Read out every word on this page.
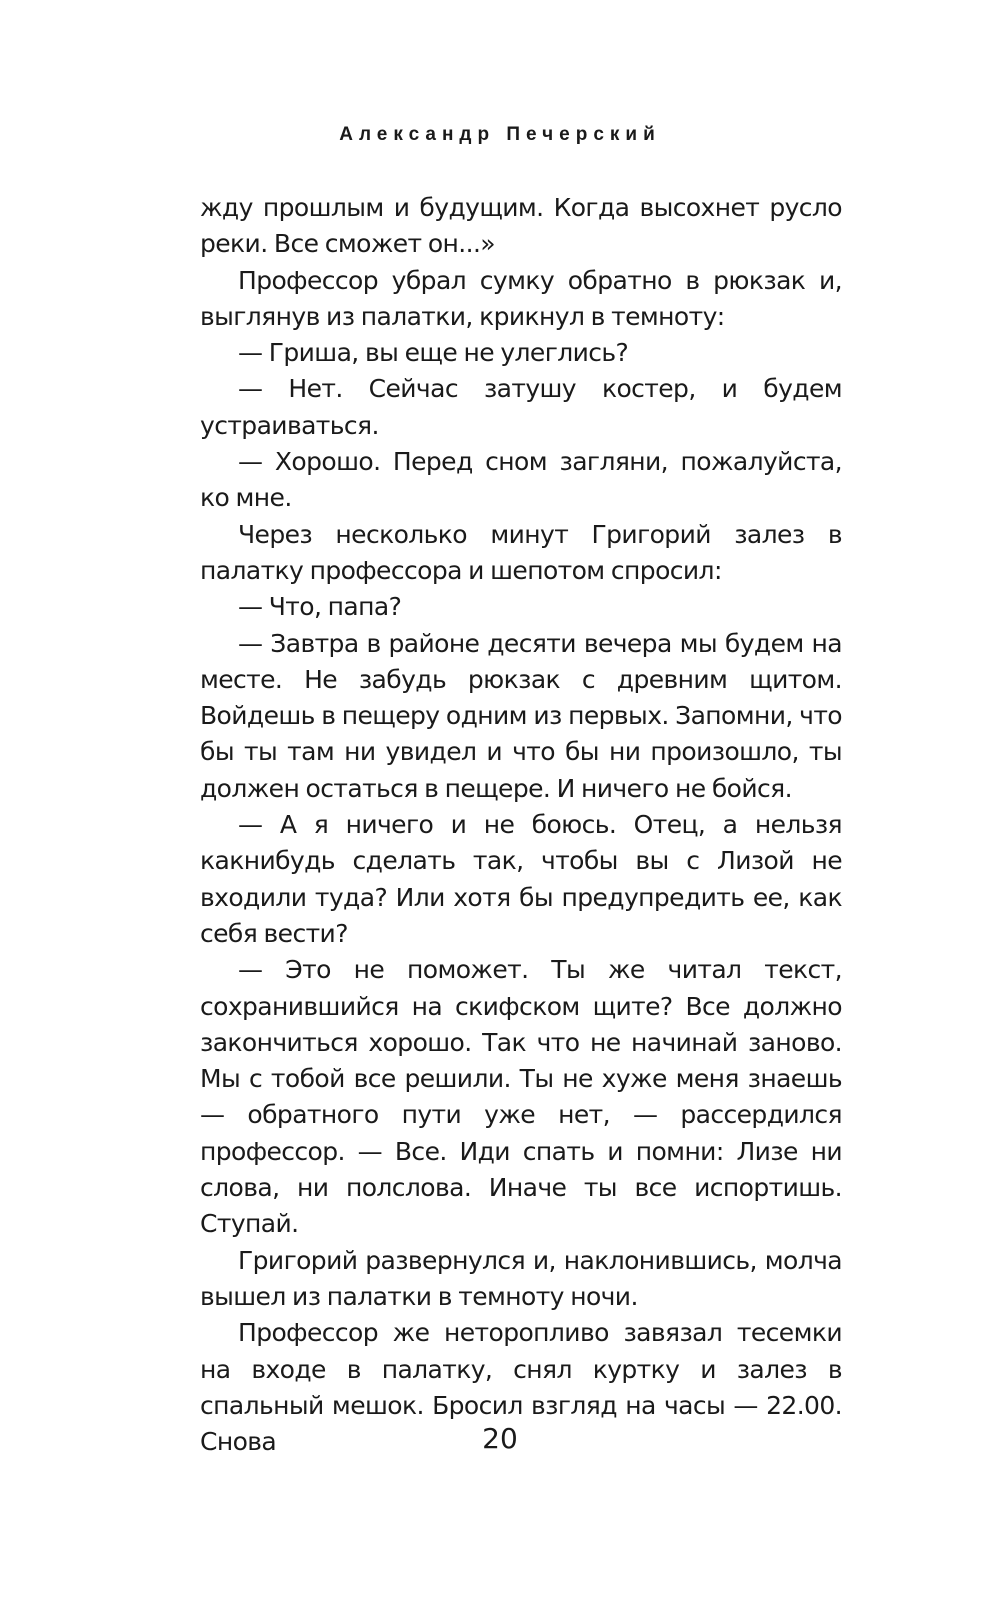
Александр Печерский

жду прошлым и будущим. Когда высохнет русло реки. Все сможет он...»

Профессор убрал сумку обратно в рюкзак и, выглянув из палатки, крикнул в темноту:

— Гриша, вы еще не улеглись?

— Нет. Сейчас затушу костер, и будем устраиваться.

— Хорошо. Перед сном загляни, пожалуйста, ко мне.

Через несколько минут Григорий залез в палатку профессора и шепотом спросил:

— Что, папа?

— Завтра в районе десяти вечера мы будем на месте. Не забудь рюкзак с древним щитом. Войдешь в пещеру одним из первых. Запомни, что бы ты там ни увидел и что бы ни произошло, ты должен остаться в пещере. И ничего не бойся.

— А я ничего и не боюсь. Отец, а нельзя какнибудь сделать так, чтобы вы с Лизой не входили туда? Или хотя бы предупредить ее, как себя вести?

— Это не поможет. Ты же читал текст, сохранившийся на скифском щите? Все должно закончиться хорошо. Так что не начинай заново. Мы с тобой все решили. Ты не хуже меня знаешь — обратного пути уже нет, — рассердился профессор. — Все. Иди спать и помни: Лизе ни слова, ни полслова. Иначе ты все испортишь. Ступай.

Григорий развернулся и, наклонившись, молча вышел из палатки в темноту ночи.

Профессор же неторопливо завязал тесемки на входе в палатку, снял куртку и залез в спальный мешок. Бросил взгляд на часы — 22.00. Снова	20
